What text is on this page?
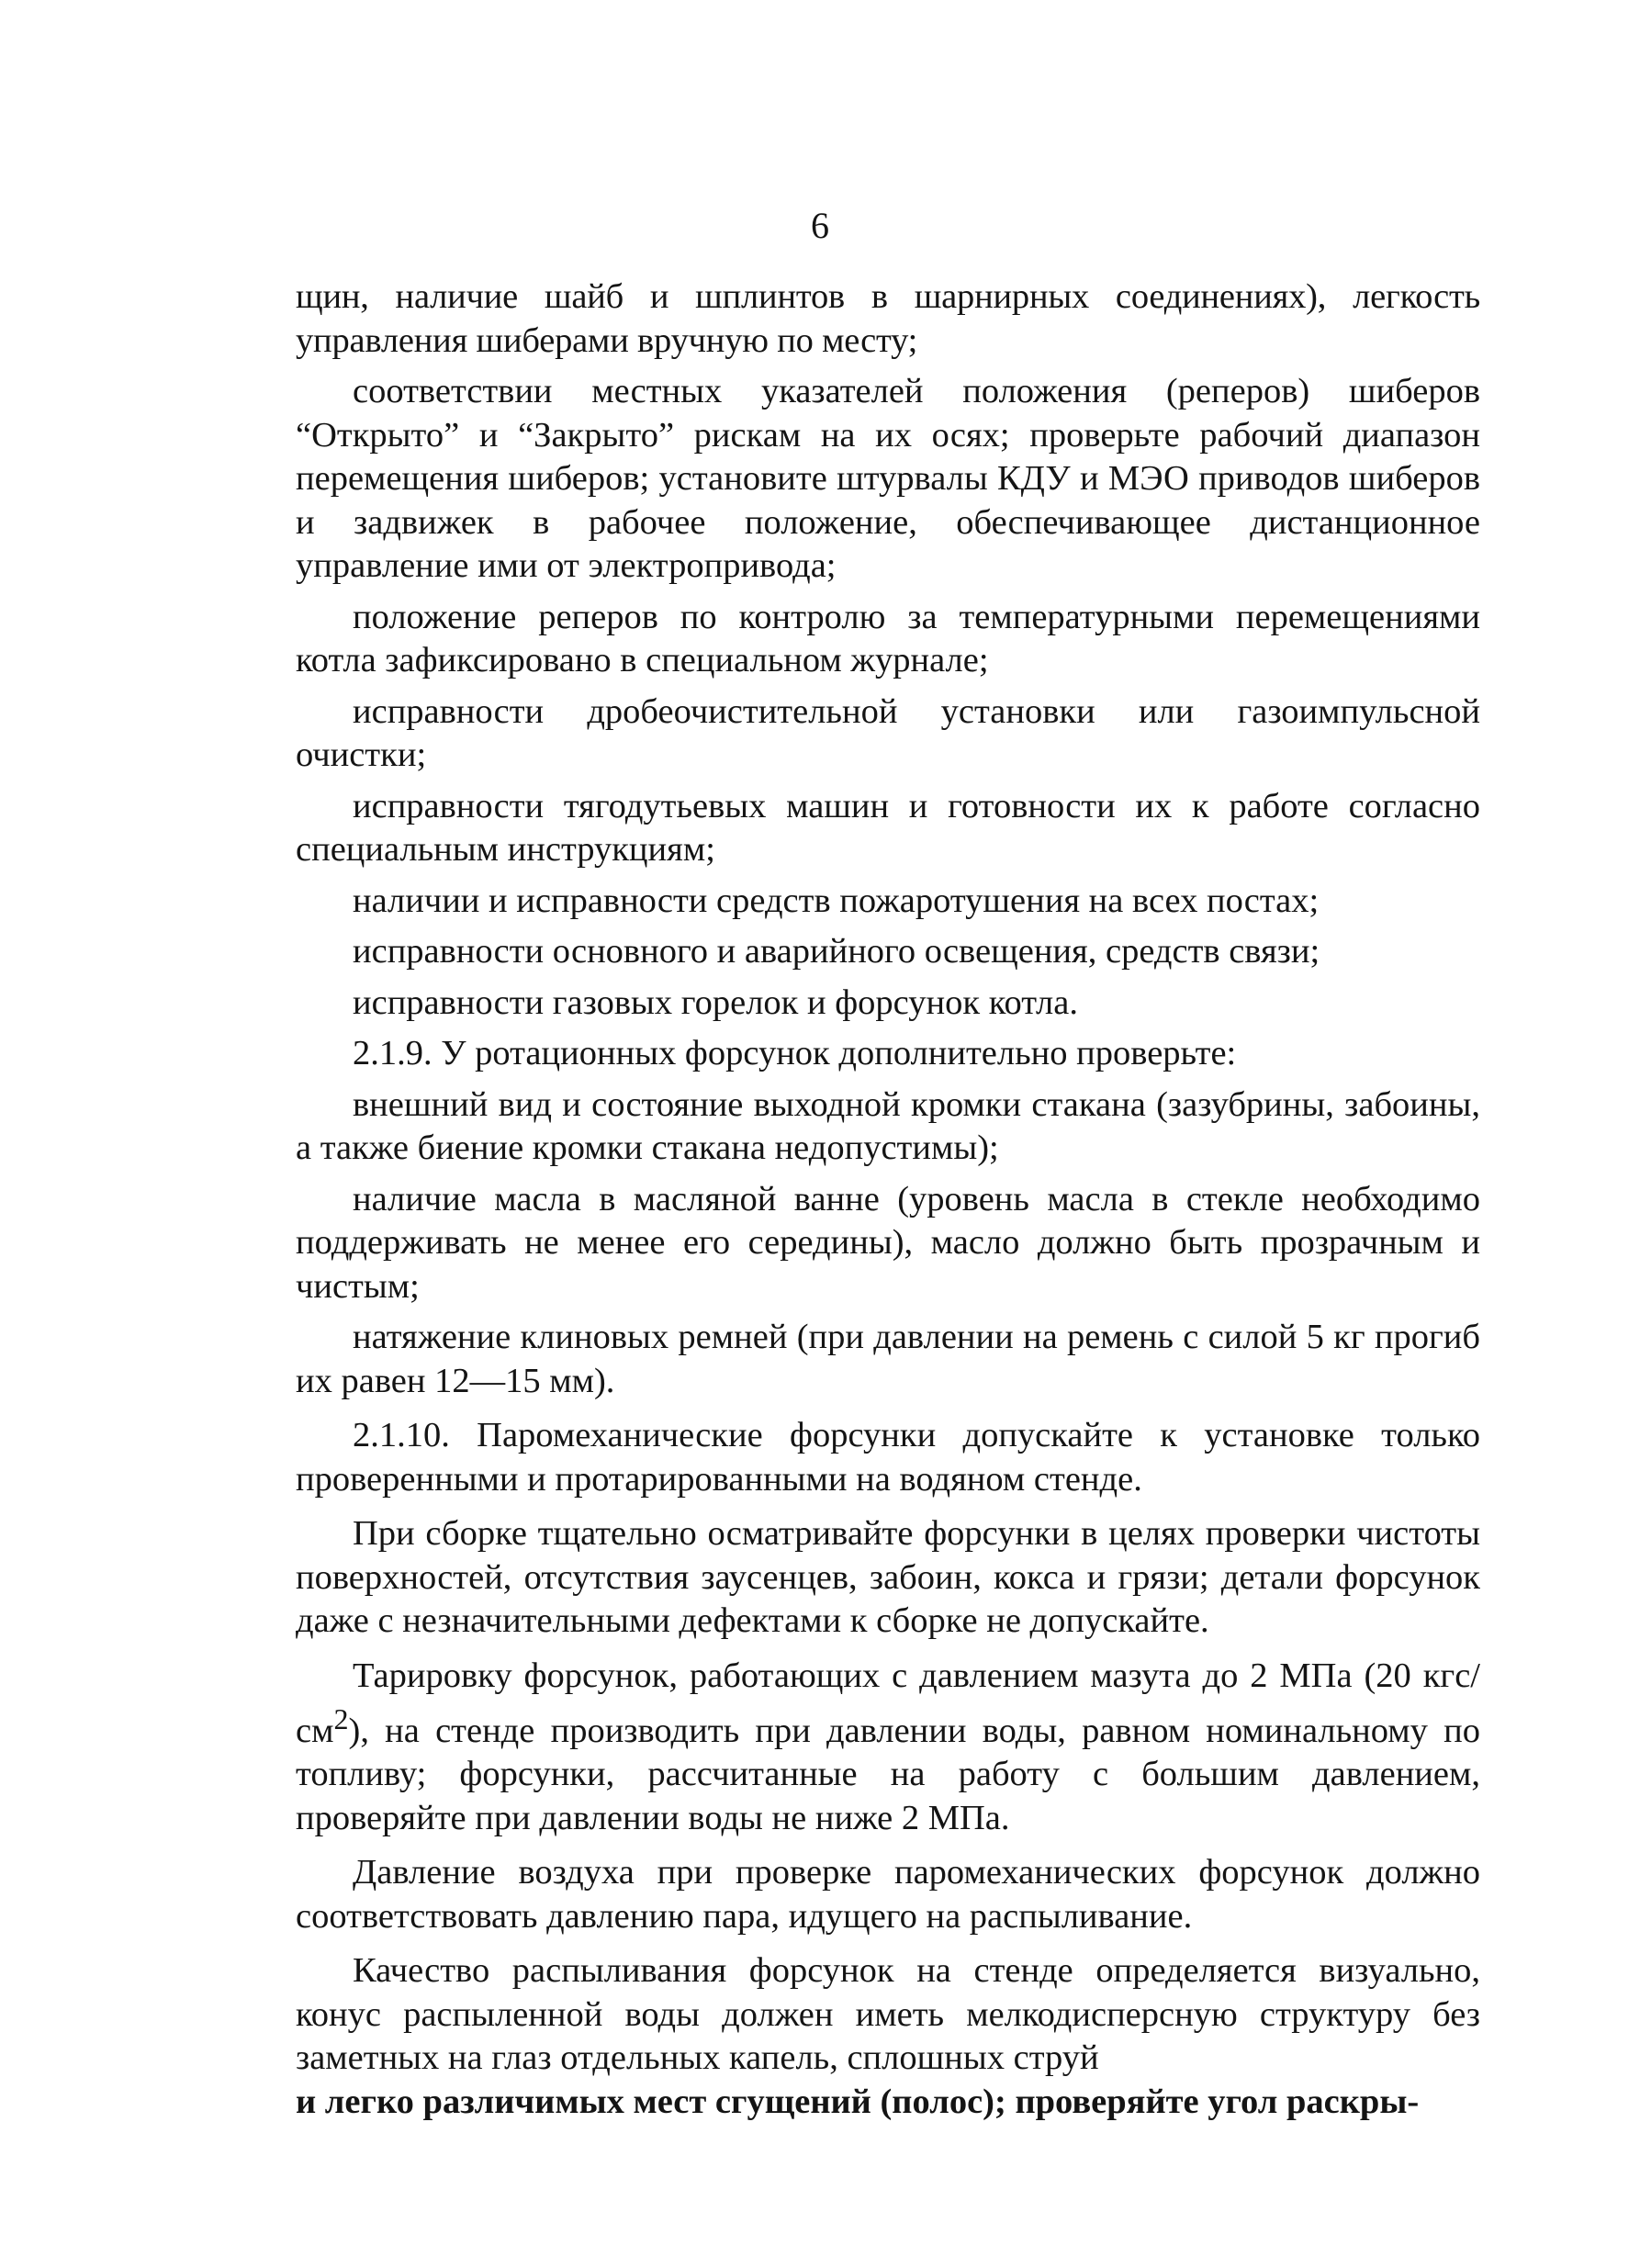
6

щин, наличие шайб и шплинтов в шарнирных соединениях), легкость управления шиберами вручную по месту;

соответствии местных указателей положения (реперов) шиберов “Открыто” и “Закрыто” рискам на их осях; проверьте рабочий диапазон перемещения шиберов; установите штурвалы КДУ и МЭО приводов шиберов и задвижек в рабочее положение, обеспечивающее дистанционное управление ими от электропривода;

положение реперов по контролю за температурными перемещениями котла зафиксировано в специальном журнале;

исправности дробеочистительной установки или газоимпульсной очистки;

исправности тягодутьевых машин и готовности их к работе согласно специальным инструкциям;

наличии и исправности средств пожаротушения на всех постах;

исправности основного и аварийного освещения, средств связи;

исправности газовых горелок и форсунок котла.

2.1.9. У ротационных форсунок дополнительно проверьте:

внешний вид и состояние выходной кромки стакана (зазубрины, забоины, а также биение кромки стакана недопустимы);

наличие масла в масляной ванне (уровень масла в стекле необходимо поддерживать не менее его середины), масло должно быть прозрачным и чистым;

натяжение клиновых ремней (при давлении на ремень с силой 5 кг прогиб их равен 12—15 мм).

2.1.10. Паромеханические форсунки допускайте к установке только проверенными и протарированными на водяном стенде.

При сборке тщательно осматривайте форсунки в целях проверки чистоты поверхностей, отсутствия заусенцев, забоин, кокса и грязи; детали форсунок даже с незначительными дефектами к сборке не допускайте.

Тарировку форсунок, работающих с давлением мазута до 2 МПа (20 кгс/$см^2$), на стенде производить при давлении воды, равном номинальному по топливу; форсунки, рассчитанные на работу с большим давлением, проверяйте при давлении воды не ниже 2 МПа.

Давление воздуха при проверке паромеханических форсунок должно соответствовать давлению пара, идущего на распыливание.

Качество распыливания форсунок на стенде определяется визуально, конус распыленной воды должен иметь мелкодисперсную структуру без заметных на глаз отдельных капель, сплошных струй

и легко различимых мест сгущений (полос); проверяйте угол раскры-
